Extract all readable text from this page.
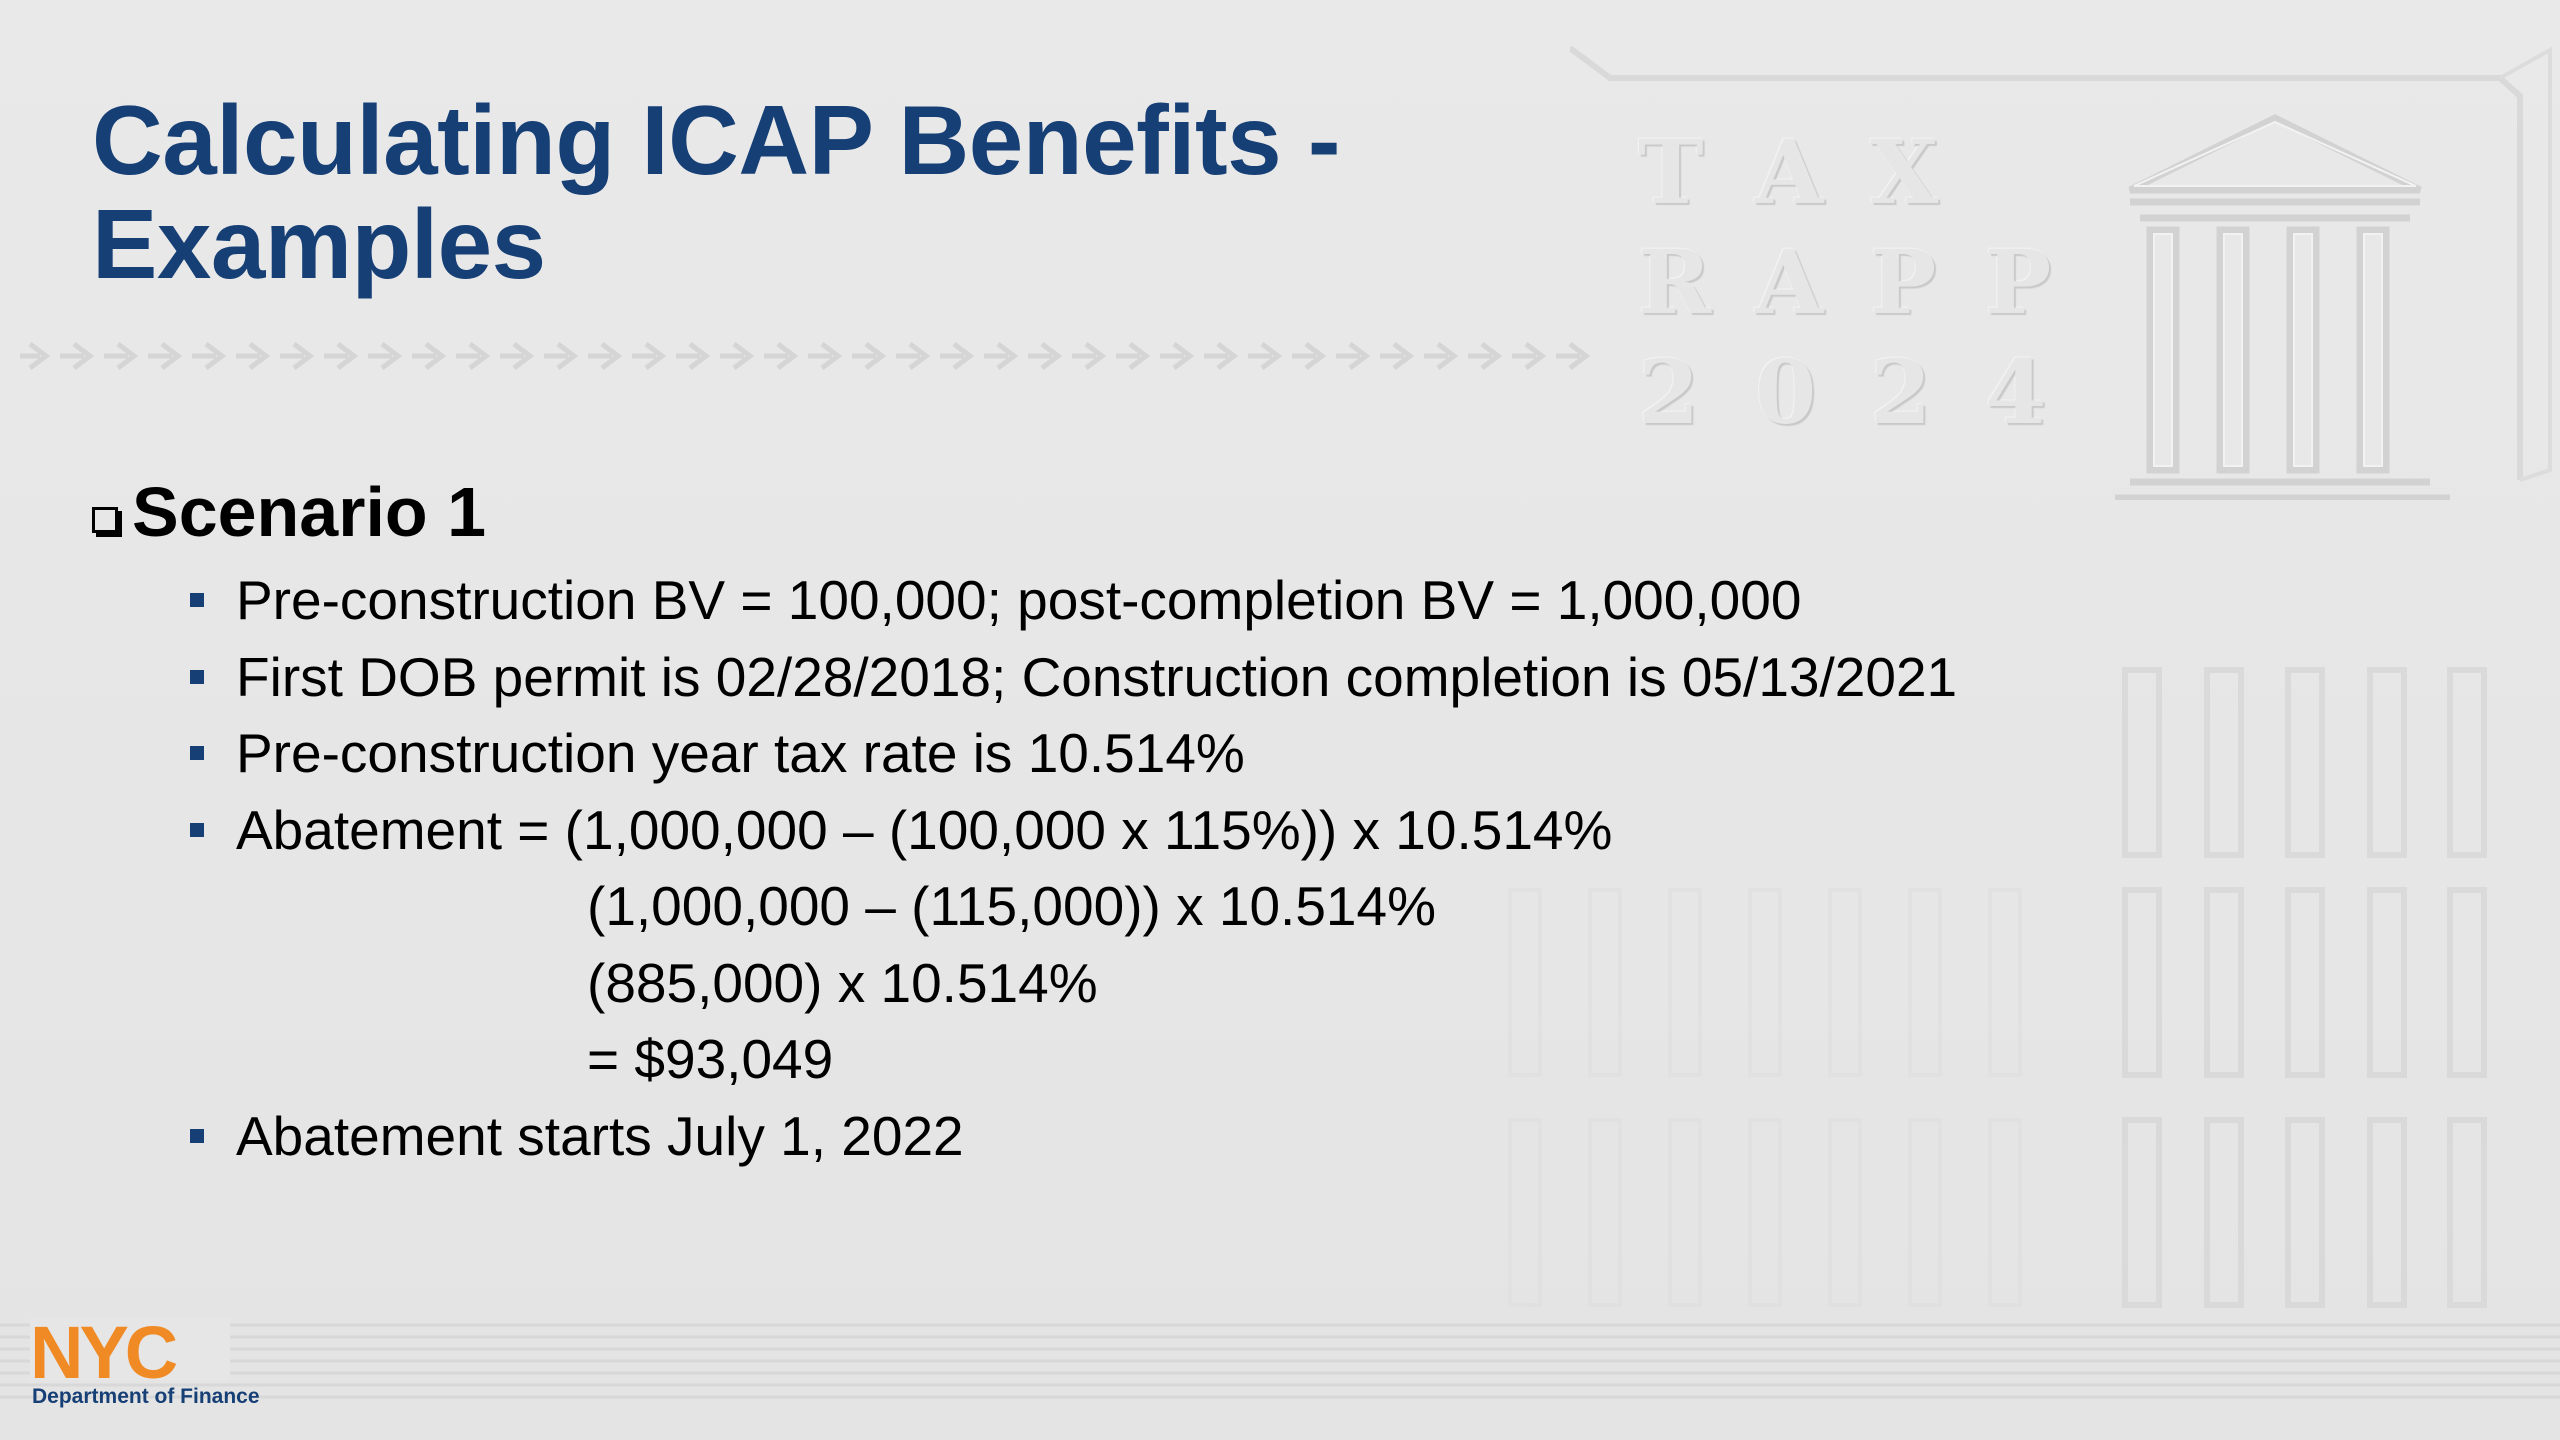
T A X
R A P P
2 0 2 4
Calculating ICAP Benefits - Examples
Scenario 1
Pre-construction BV = 100,000; post-completion BV = 1,000,000
First DOB permit is 02/28/2018; Construction completion is 05/13/2021
Pre-construction year tax rate is 10.514%
Abatement = (1,000,000 – (100,000 x 115%)) x 10.514%
(1,000,000 – (115,000)) x 10.514%
(885,000) x 10.514%
= $93,049
Abatement starts July 1, 2022
NYC
Department of Finance
